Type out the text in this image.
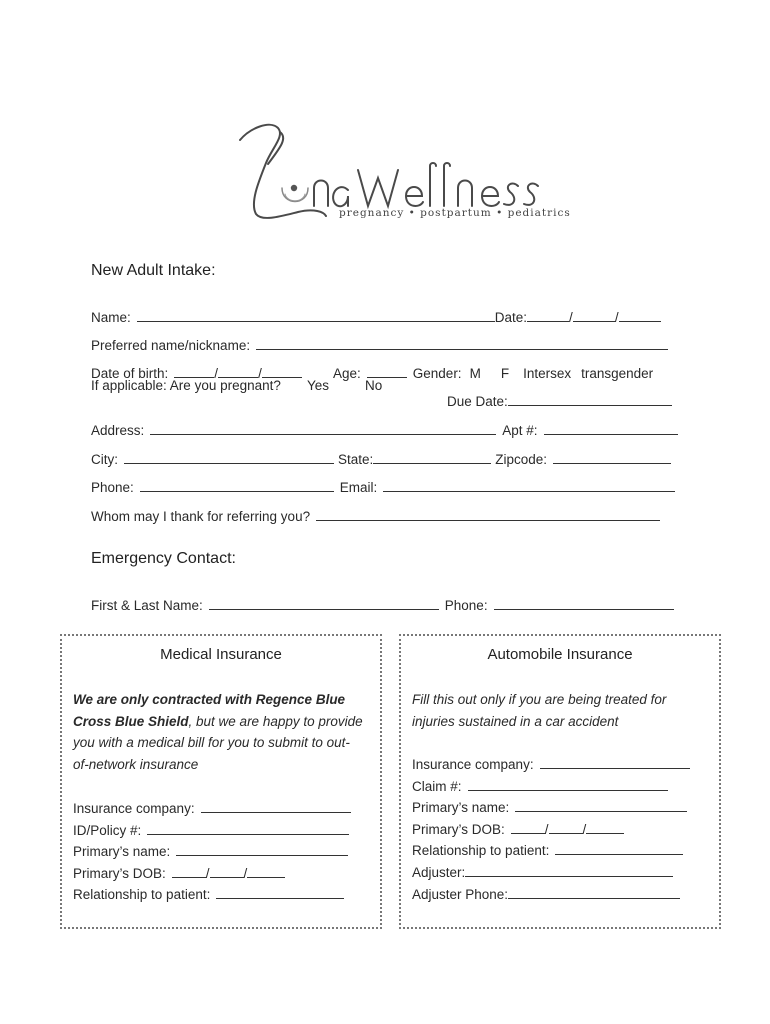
pregnancy • postpartum • pediatrics
New Adult Intake:

Name:	Date:	/	/

Preferred name/nickname:

Date of birth:	/	/	Age:	Gender: M F Intersex transgender

If applicable: Are you pregnant? Yes	No

Due Date:

Address:	Apt #:

City:	State:	Zipcode:

Phone:	Email:

Whom may I thank for referring you?

Emergency Contact:

First & Last Name:	Phone:

Medical Insurance
We are only contracted with Regence Blue
Cross Blue Shield, but we are happy to provide
you with a medical bill for you to submit to out-
of-network insurance
Insurance company:
ID/Policy #:
Primary’s name:
Primary’s DOB:	/	/
Relationship to patient:
Automobile Insurance
Fill this out only if you are being treated for
injuries sustained in a car accident
Insurance company:
Claim #:
Primary’s name:
Primary’s DOB:	/	/
Relationship to patient:
Adjuster:
Adjuster Phone:
